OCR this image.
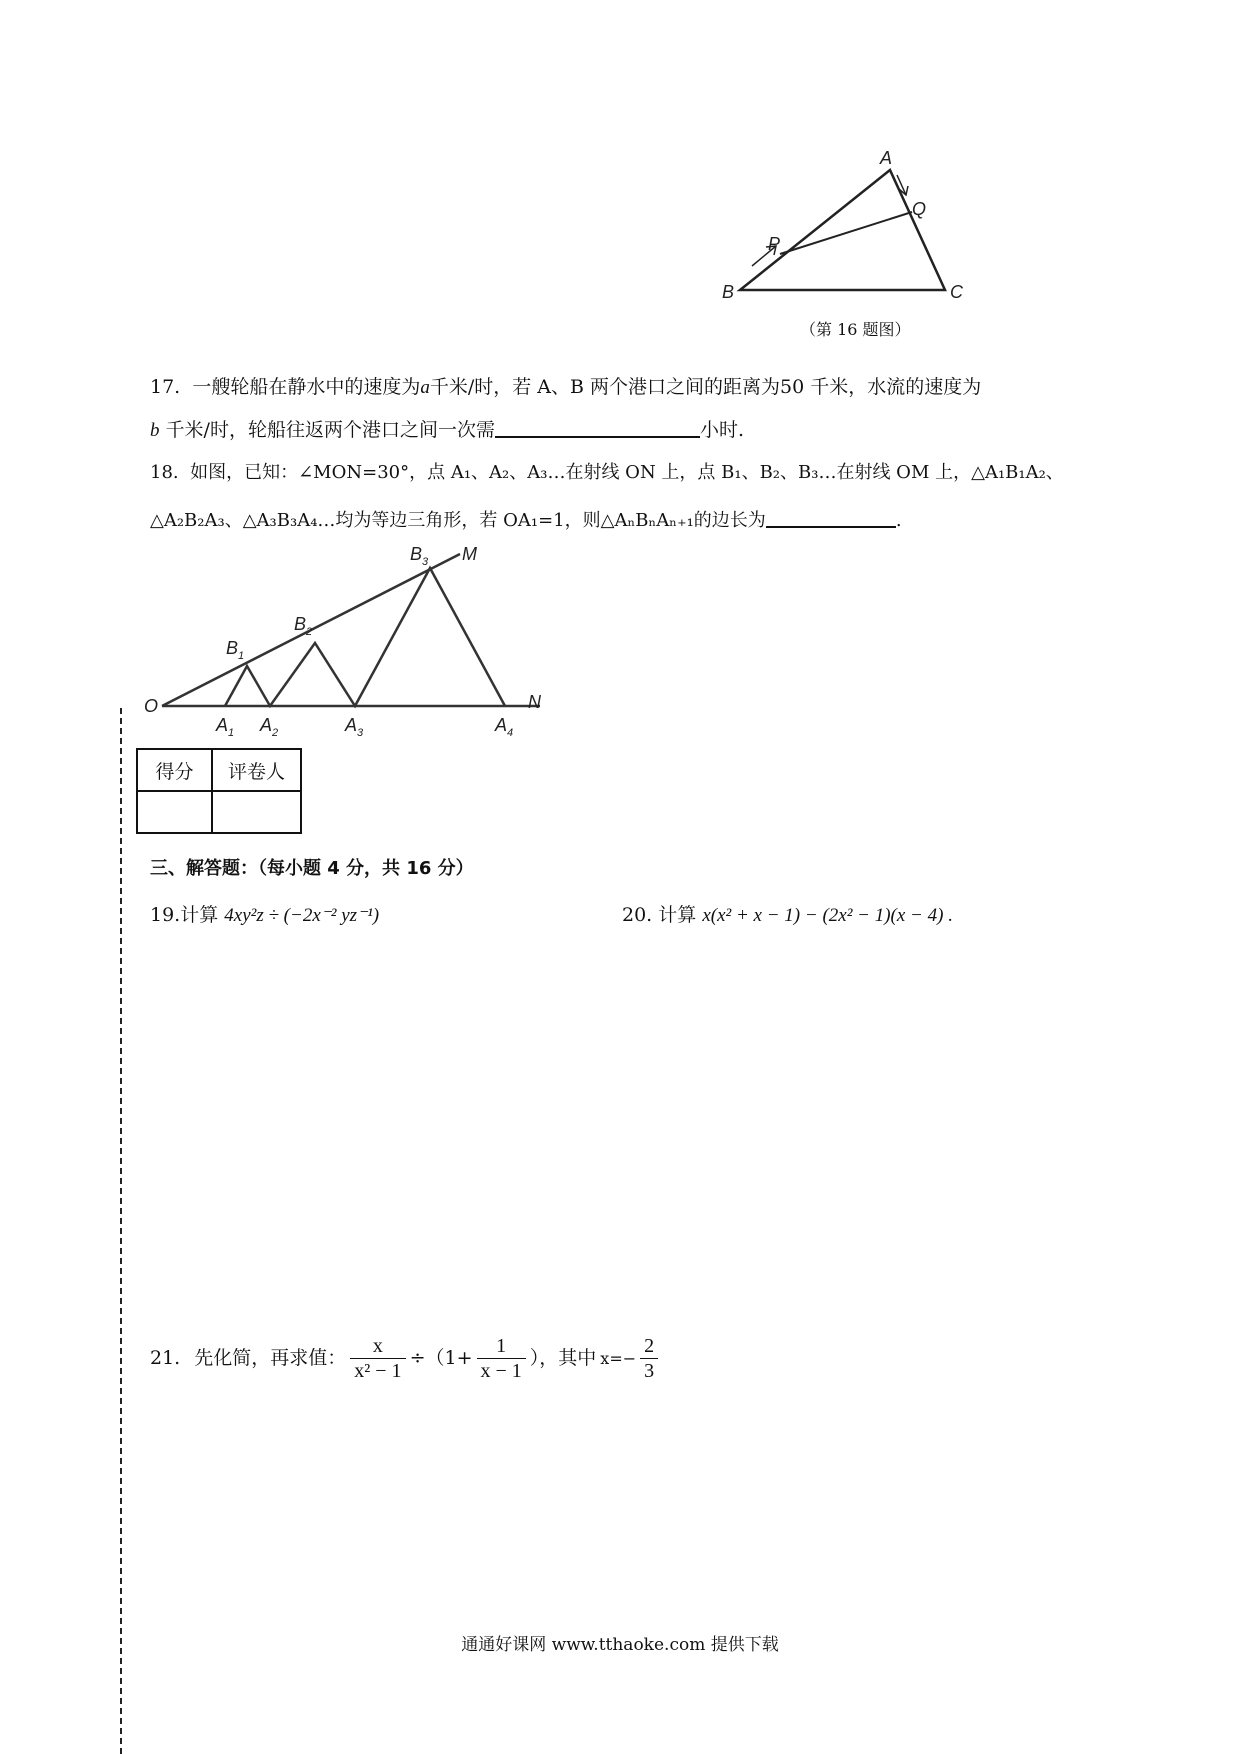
A
B	C
P
Q
（第 16 题图）
17. 一艘轮船在静水中的速度为a千米/时，若 A、B 两个港口之间的距离为50 千米，水流的速度为
b 千米/时，轮船往返两个港口之间一次需	小时.
18. 如图，已知：∠MON=30°，点 A₁、A₂、A₃…在射线 ON 上，点 B₁、B₂、B₃…在射线 OM 上，△A₁B₁A₂、
△A₂B₂A₃、△A₃B₃A₄…均为等边三角形，若 OA₁=1，则△AₙBₙAₙ₊₁的边长为	.
O
M
N
$A_1$ $A_2$	$A_3$	$A_4$
$B_1$
$B_2$
$B_3$
得分	评卷人

三、解答题：（每小题 4 分，共 16 分）
19.计算 4xy²z ÷ (−2x⁻² yz⁻¹)	20. 计算 x(x² + x − 1) − (2x² − 1)(x − 4) .
21.
先化简，再求值： $\frac{x}{\text{x² − 1}} \div(1+ \frac{1}{x - 1}$ ），其中 $x=- \frac{2}{3}$
通通好课网 www.tthaoke.com 提供下载
